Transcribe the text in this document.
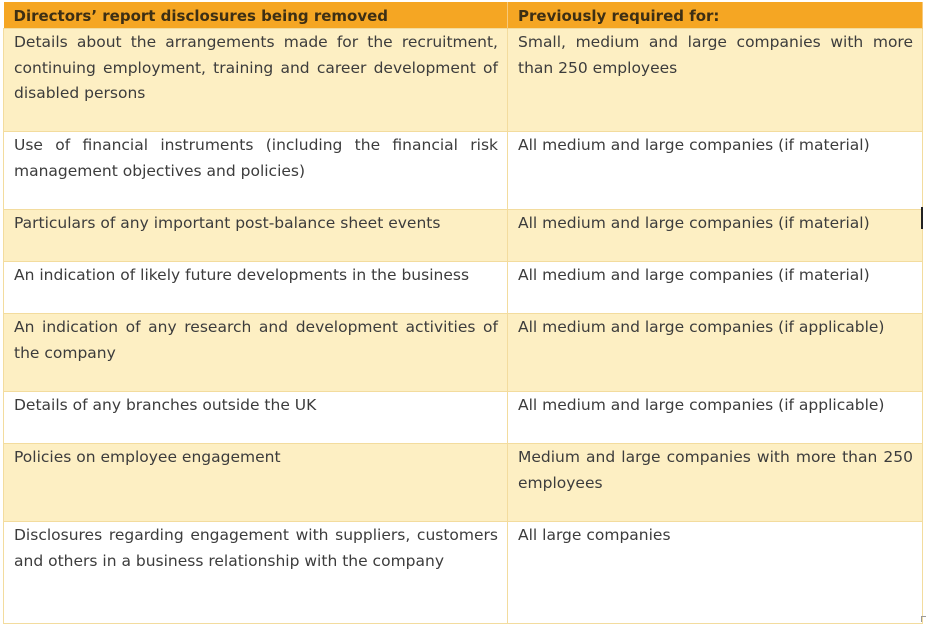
Directors’ report disclosures being removed	Previously required for:
Details about the arrangements made for the recruitment, continuing employment, training and career development of disabled persons	Small, medium and large companies with more than 250 employees
Use of financial instruments (including the financial risk management objectives and policies)	All medium and large companies (if material)
Particulars of any important post-balance sheet events	All medium and large companies (if material)
An indication of likely future developments in the business	All medium and large companies (if material)
An indication of any research and development activities of the company	All medium and large companies (if applicable)
Details of any branches outside the UK	All medium and large companies (if applicable)
Policies on employee engagement	Medium and large companies with more than 250 employees
Disclosures regarding engagement with suppliers, customers and others in a business relationship with the company	All large companies
